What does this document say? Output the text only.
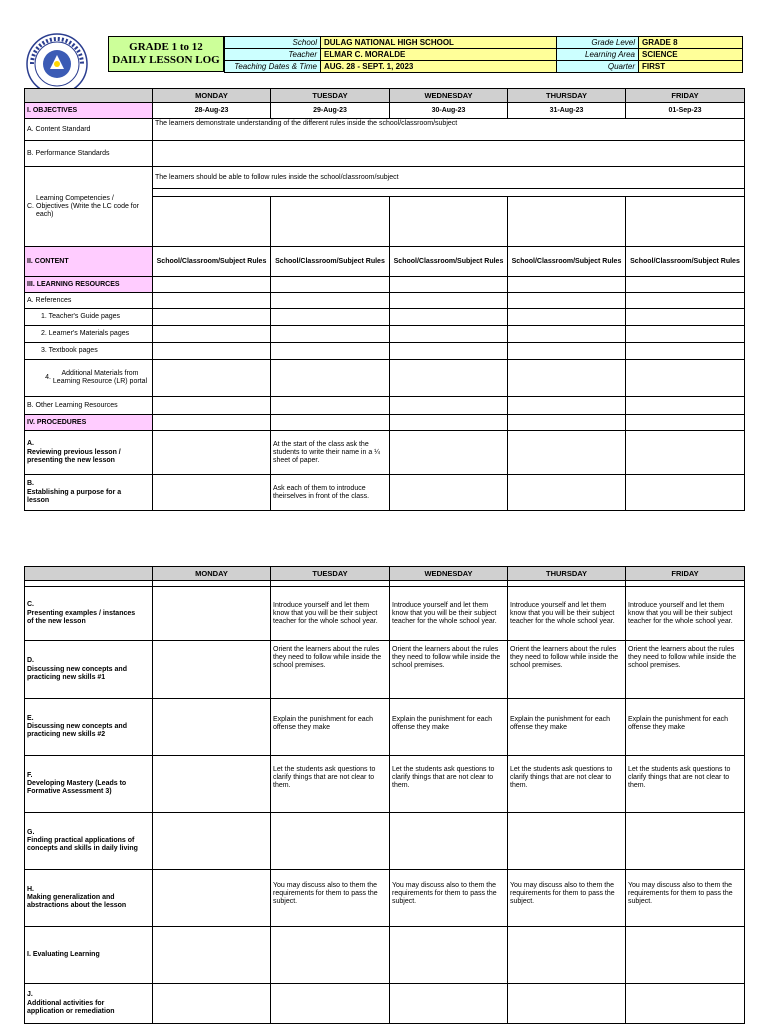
GRADE 1 to 12
DAILY LESSON LOG
School	DULAG NATIONAL HIGH SCHOOL	Grade Level	GRADE 8
Teacher	ELMAR C. MORALDE	Learning Area	SCIENCE
Teaching Dates & Time	AUG. 28 - SEPT. 1, 2023	Quarter	FIRST
	MONDAY	TUESDAY	WEDNESDAY	THURSDAY	FRIDAY
I. OBJECTIVES	28-Aug-23	29-Aug-23	30-Aug-23	31-Aug-23	01-Sep-23
A. Content Standard	The learners demonstrate understanding of the different rules inside the school/classroom/subject				
B. Performance Standards					
C.Learning Competencies / Objectives (Write the LC code for each)	The learners should be able to follow rules inside the school/classroom/subject				

II. CONTENT	School/Classroom/Subject Rules	School/Classroom/Subject Rules	School/Classroom/Subject Rules	School/Classroom/Subject Rules	School/Classroom/Subject Rules
III. LEARNING RESOURCES					
A. References					
1. Teacher's Guide pages					
2. Learner's Materials pages					
3. Textbook pages					
4.Additional Materials from Learning Resource (LR) portal					
B. Other Learning Resources					
IV. PROCEDURES					
A.Reviewing previous lesson / presenting the new lesson		At the start of the class ask the students to write their name in a ¼ sheet of paper.			
B.Establishing a purpose for a lesson		Ask each of them to introduce theirselves in front of the class.			
	MONDAY	TUESDAY	WEDNESDAY	THURSDAY	FRIDAY

C.Presenting examples / instances of the new lesson		Introduce yourself and let them know that you will be their subject teacher for the whole school year.	Introduce yourself and let them know that you will be their subject teacher for the whole school year.	Introduce yourself and let them know that you will be their subject teacher for the whole school year.	Introduce yourself and let them know that you will be their subject teacher for the whole school year.
D.Discussing new concepts and practicing new skills #1		Orient the learners about the rules they need to follow while inside the school premises.	Orient the learners about the rules they need to follow while inside the school premises.	Orient the learners about the rules they need to follow while inside the school premises.	Orient the learners about the rules they need to follow while inside the school premises.
E.Discussing new concepts and practicing new skills #2		Explain the punishment for each offense they make	Explain the punishment for each offense they make	Explain the punishment for each offense they make	Explain the punishment for each offense they make
F.Developing Mastery (Leads to Formative Assessment 3)		Let the students ask questions to clarify things that are not clear to them.	Let the students ask questions to clarify things that are not clear to them.	Let the students ask questions to clarify things that are not clear to them.	Let the students ask questions to clarify things that are not clear to them.
G.Finding practical applications of concepts and skills in daily living					
H.Making generalization and abstractions about the lesson		You may discuss also to them the requirements for them to pass the subject.	You may discuss also to them the requirements for them to pass the subject.	You may discuss also to them the requirements for them to pass the subject.	You may discuss also to them the requirements for them to pass the subject.
I. Evaluating Learning					
J.Additional activities for application or remediation					
